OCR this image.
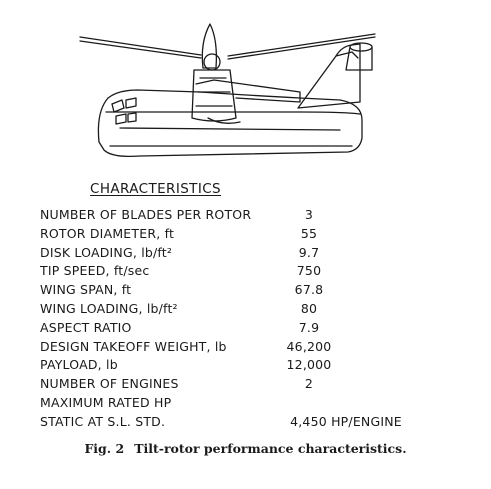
CHARACTERISTICS
NUMBER OF BLADES PER ROTOR	3
ROTOR DIAMETER, ft	55
DISK LOADING, lb/ft²	9.7
TIP SPEED, ft/sec	750
WING SPAN, ft	67.8
WING LOADING, lb/ft²	80
ASPECT RATIO	7.9
DESIGN TAKEOFF WEIGHT, lb	46,200
PAYLOAD, lb	12,000
NUMBER OF ENGINES	2
MAXIMUM RATED HP
STATIC AT S.L. STD.	4,450 HP/ENGINE
Fig. 2 Tilt-rotor performance characteristics.
